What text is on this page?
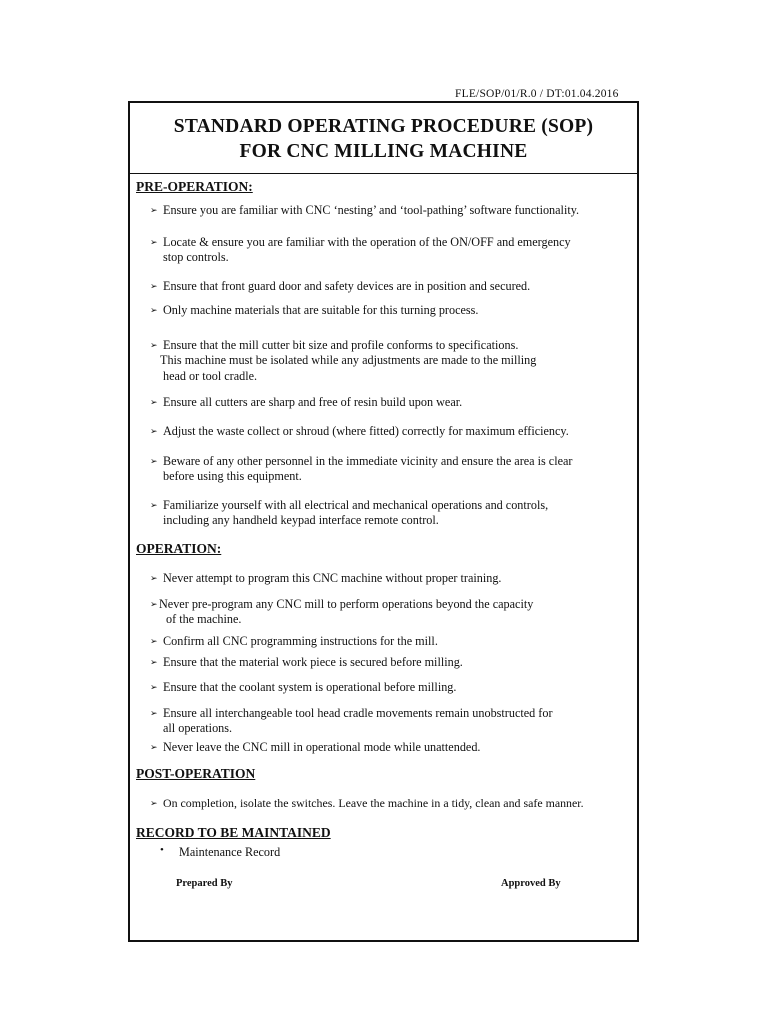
FLE/SOP/01/R.0 / DT:01.04.2016
STANDARD OPERATING PROCEDURE (SOP)
FOR CNC MILLING MACHINE
PRE-OPERATION:
➢ Ensure you are familiar with CNC ‘nesting’ and ‘tool-pathing’ software functionality.
➢ Locate & ensure you are familiar with the operation of the ON/OFF and emergency
stop controls.
➢ Ensure that front guard door and safety devices are in position and secured.
➢ Only machine materials that are suitable for this turning process.
➢ Ensure that the mill cutter bit size and profile conforms to specifications.
This machine must be isolated while any adjustments are made to the milling
head or tool cradle.
➢ Ensure all cutters are sharp and free of resin build upon wear.
➢ Adjust the waste collect or shroud (where fitted) correctly for maximum efficiency.
➢ Beware of any other personnel in the immediate vicinity and ensure the area is clear
before using this equipment.
➢ Familiarize yourself with all electrical and mechanical operations and controls,
including any handheld keypad interface remote control.
OPERATION:
➢ Never attempt to program this CNC machine without proper training.
➢Never pre-program any CNC mill to perform operations beyond the capacity
of the machine.
➢ Confirm all CNC programming instructions for the mill.
➢ Ensure that the material work piece is secured before milling.
➢ Ensure that the coolant system is operational before milling.
➢ Ensure all interchangeable tool head cradle movements remain unobstructed for
all operations.
➢ Never leave the CNC mill in operational mode while unattended.
POST-OPERATION
➢ On completion, isolate the switches. Leave the machine in a tidy, clean and safe manner.
RECORD TO BE MAINTAINED
• Maintenance Record
Prepared By	Approved By
